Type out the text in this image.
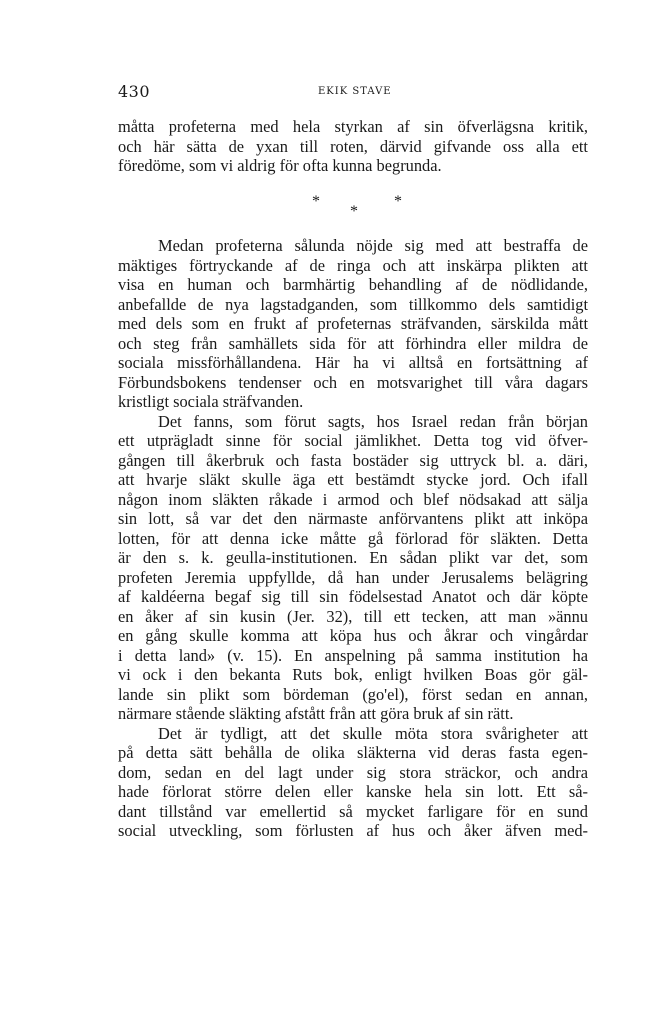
430	EKIK STAVE
måtta profeterna med hela styrkan af sin öfverlägsna kritik,
och här sätta de yxan till roten, därvid gifvande oss alla ett
föredöme, som vi aldrig för ofta kunna begrunda.
*
*
*
Medan profeterna sålunda nöjde sig med att bestraffa de
mäktiges förtryckande af de ringa och att inskärpa plikten att
visa en human och barmhärtig behandling af de nödlidande,
anbefallde de nya lagstadganden, som tillkommo dels samtidigt
med dels som en frukt af profeternas sträfvanden, särskilda mått
och steg från samhällets sida för att förhindra eller mildra de
sociala missförhållandena. Här ha vi alltså en fortsättning af
Förbundsbokens tendenser och en motsvarighet till våra dagars
kristligt sociala sträfvanden.
Det fanns, som förut sagts, hos Israel redan från början
ett utprägladt sinne för social jämlikhet. Detta tog vid öfver-
gången till åkerbruk och fasta bostäder sig uttryck bl. a. däri,
att hvarje släkt skulle äga ett bestämdt stycke jord. Och ifall
någon inom släkten råkade i armod och blef nödsakad att sälja
sin lott, så var det den närmaste anförvantens plikt att inköpa
lotten, för att denna icke måtte gå förlorad för släkten. Detta
är den s. k. geulla-institutionen. En sådan plikt var det, som
profeten Jeremia uppfyllde, då han under Jerusalems belägring
af kaldéerna begaf sig till sin födelsestad Anatot och där köpte
en åker af sin kusin (Jer. 32), till ett tecken, att man »ännu
en gång skulle komma att köpa hus och åkrar och vingårdar
i detta land» (v. 15). En anspelning på samma institution ha
vi ock i den bekanta Ruts bok, enligt hvilken Boas gör gäl-
lande sin plikt som bördeman (go'el), först sedan en annan,
närmare stående släkting afstått från att göra bruk af sin rätt.
Det är tydligt, att det skulle möta stora svårigheter att
på detta sätt behålla de olika släkterna vid deras fasta egen-
dom, sedan en del lagt under sig stora sträckor, och andra
hade förlorat större delen eller kanske hela sin lott. Ett så-
dant tillstånd var emellertid så mycket farligare för en sund
social utveckling, som förlusten af hus och åker äfven med-
